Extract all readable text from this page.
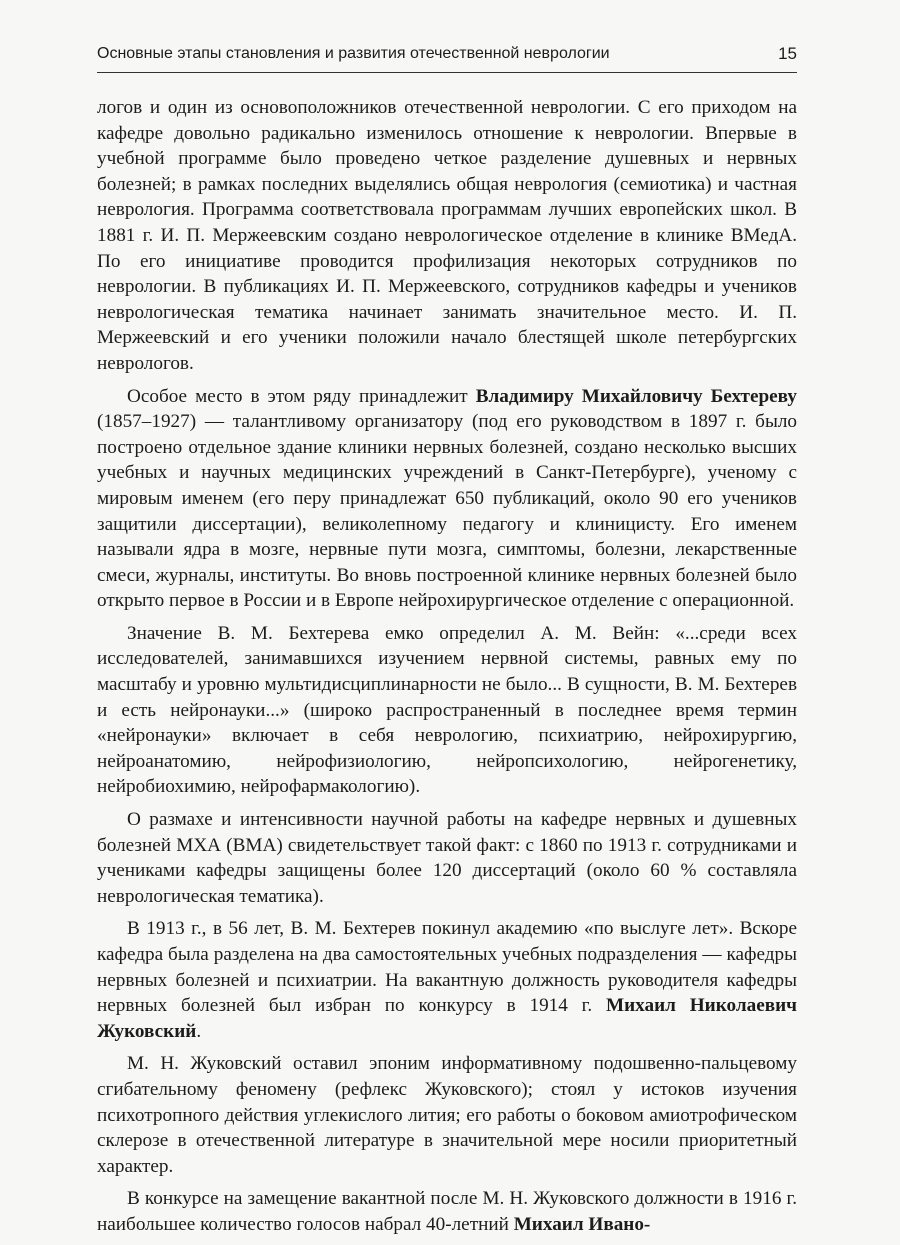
Основные этапы становления и развития отечественной неврологии	15

логов и один из основоположников отечественной неврологии. С его приходом на кафедре довольно радикально изменилось отношение к неврологии. Впервые в учебной программе было проведено четкое разделение душевных и нервных болезней; в рамках последних выделялись общая неврология (семиотика) и частная неврология. Программа соответствовала программам лучших европейских школ. В 1881 г. И. П. Мержеевским создано неврологическое отделение в клинике ВМедА. По его инициативе проводится профилизация некоторых сотрудников по неврологии. В публикациях И. П. Мержеевского, сотрудников кафедры и учеников неврологическая тематика начинает занимать значительное место. И. П. Мержеевский и его ученики положили начало блестящей школе петербургских неврологов.

Особое место в этом ряду принадлежит Владимиру Михайловичу Бехтереву (1857–1927) — талантливому организатору (под его руководством в 1897 г. было построено отдельное здание клиники нервных болезней, создано несколько высших учебных и научных медицинских учреждений в Санкт-Петербурге), ученому с мировым именем (его перу принадлежат 650 публикаций, около 90 его учеников защитили диссертации), великолепному педагогу и клиницисту. Его именем называли ядра в мозге, нервные пути мозга, симптомы, болезни, лекарственные смеси, журналы, институты. Во вновь построенной клинике нервных болезней было открыто первое в России и в Европе нейрохирургическое отделение с операционной.

Значение В. М. Бехтерева емко определил А. М. Вейн: «...среди всех исследователей, занимавшихся изучением нервной системы, равных ему по масштабу и уровню мультидисциплинарности не было... В сущности, В. М. Бехтерев и есть нейронауки...» (широко распространенный в последнее время термин «нейронауки» включает в себя неврологию, психиатрию, нейрохирургию, нейроанатомию, нейрофизиологию, нейропсихологию, нейрогенетику, нейробиохимию, нейрофармакологию).

О размахе и интенсивности научной работы на кафедре нервных и душевных болезней МХА (ВМА) свидетельствует такой факт: с 1860 по 1913 г. сотрудниками и учениками кафедры защищены более 120 диссертаций (около 60 % составляла неврологическая тематика).

В 1913 г., в 56 лет, В. М. Бехтерев покинул академию «по выслуге лет». Вскоре кафедра была разделена на два самостоятельных учебных подразделения — кафедры нервных болезней и психиатрии. На вакантную должность руководителя кафедры нервных болезней был избран по конкурсу в 1914 г. Михаил Николаевич Жуковский.

М. Н. Жуковский оставил эпоним информативному подошвенно-пальцевому сгибательному феномену (рефлекс Жуковского); стоял у истоков изучения психотропного действия углекислого лития; его работы о боковом амиотрофическом склерозе в отечественной литературе в значительной мере носили приоритетный характер.

В конкурсе на замещение вакантной после М. Н. Жуковского должности в 1916 г. наибольшее количество голосов набрал 40-летний Михаил Ивано-
